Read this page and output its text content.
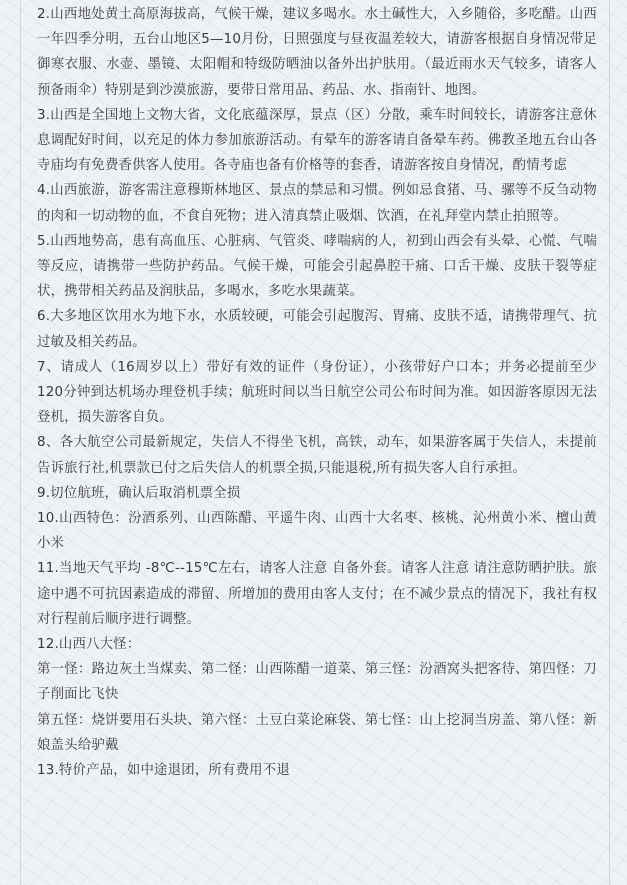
2.山西地处黄土高原海拔高，气候干燥，建议多喝水。水土碱性大，入乡随俗，多吃醋。山西一年四季分明，五台山地区5—10月份，日照强度与昼夜温差较大，请游客根据自身情况带足御寒衣服、水壶、墨镜、太阳帽和特级防晒油以备外出护肤用。（最近雨水天气较多，请客人预备雨伞）特别是到沙漠旅游，要带日常用品、药品、水、指南针、地图。

3.山西是全国地上文物大省，文化底蕴深厚，景点（区）分散，乘车时间较长，请游客注意休息调配好时间，以充足的体力参加旅游活动。有晕车的游客请自备晕车药。佛教圣地五台山各寺庙均有免费香供客人使用。各寺庙也备有价格等的套香，请游客按自身情况，酌情考虑

4.山西旅游，游客需注意穆斯林地区、景点的禁忌和习惯。例如忌食猪、马、骡等不反刍动物的肉和一切动物的血，不食自死物；进入清真禁止吸烟、饮酒，在礼拜堂内禁止拍照等。

5.山西地势高，患有高血压、心脏病、气管炎、哮喘病的人，初到山西会有头晕、心慌、气喘等反应，请携带一些防护药品。气候干燥，可能会引起鼻腔干痛、口舌干燥、皮肤干裂等症状，携带相关药品及润肤品，多喝水，多吃水果蔬菜。

6.大多地区饮用水为地下水，水质较硬，可能会引起腹泻、胃痛、皮肤不适，请携带理气、抗过敏及相关药品。

7、请成人（16周岁以上）带好有效的证件（身份证），小孩带好户口本；并务必提前至少120分钟到达机场办理登机手续；航班时间以当日航空公司公布时间为准。如因游客原因无法登机，损失游客自负。

8、各大航空公司最新规定，失信人不得坐飞机，高铁，动车，如果游客属于失信人，未提前告诉旅行社,机票款已付之后失信人的机票全损,只能退税,所有损失客人自行承担。

9.切位航班，确认后取消机票全损

10.山西特色：汾酒系列、山西陈醋、平遥牛肉、山西十大名枣、核桃、沁州黄小米、檀山黄小米

11.当地天气平均 -8℃--15℃左右，请客人注意 自备外套。请客人注意 请注意防晒护肤。旅途中遇不可抗因素造成的滞留、所增加的费用由客人支付；在不减少景点的情况下，我社有权对行程前后顺序进行调整。

12.山西八大怪：

第一怪：路边灰土当煤卖、第二怪：山西陈醋一道菜、第三怪：汾酒窝头把客待、第四怪：刀子削面比飞快

第五怪：烧饼要用石头块、第六怪：土豆白菜论麻袋、第七怪：山上挖洞当房盖、第八怪：新娘盖头给驴戴

13.特价产品，如中途退团，所有费用不退
